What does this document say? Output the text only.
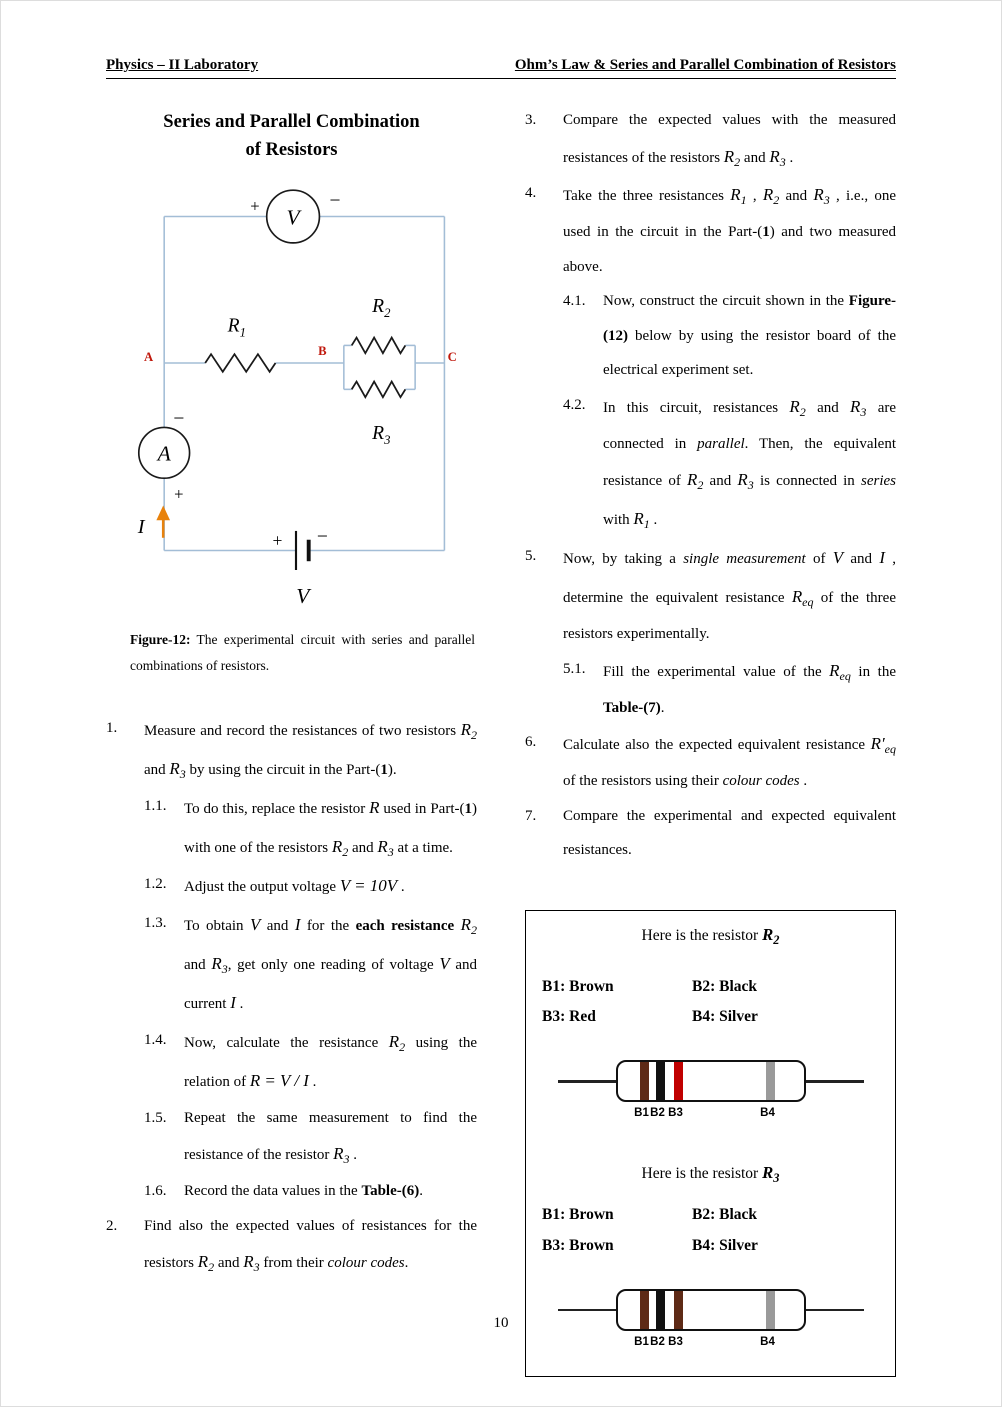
Physics – II Laboratory	Ohm’s Law & Series and Parallel Combination of Resistors
Series and Parallel Combination
of Resistors
V
+	−
A
−
+
A	B	C
$R_1$
$R_2$
$R_3$
I
+ −
V

Figure-12: The experimental circuit with series and parallel combinations of resistors.

1.	Measure and record the resistances of two resistors $R_2$ and $R_3$ by using the circuit in the Part-(1).
1.1.	To do this, replace the resistor R used in Part-(1) with one of the resistors $R_2$ and $R_3$ at a time.
1.2.	Adjust the output voltage V = 10V .
1.3.	To obtain V and I for the each resistance $R_2$ and $R_3$, get only one reading of voltage V and current I .
1.4.	Now, calculate the resistance $R_2$ using the relation of R = V / I .
1.5.	Repeat the same measurement to find the resistance of the resistor $R_3$ .
1.6.	Record the data values in the Table-(6).
2.	Find also the expected values of resistances for the resistors $R_2$ and $R_3$ from their colour codes.
3.	Compare the expected values with the measured resistances of the resistors $R_2$ and $R_3$ .
4.	Take the three resistances $R_1$ , $R_2$ and $R_3$ , i.e., one used in the circuit in the Part-(1) and two measured above.
4.1.	Now, construct the circuit shown in the Figure-(12) below by using the resistor board of the electrical experiment set.
4.2.	In this circuit, resistances $R_2$ and $R_3$ are connected in parallel. Then, the equivalent resistance of $R_2$ and $R_3$ is connected in series with $R_1$ .
5.	Now, by taking a single measurement of V and I , determine the equivalent resistance $R_{eq}$ of the three resistors experimentally.
5.1.	Fill the experimental value of the $R_{eq}$ in the Table-(7).
6.	Calculate also the expected equivalent resistance $R'_{eq}$ of the resistors using their colour codes .
7.	Compare the experimental and expected equivalent resistances.
Here is the resistor $R_2$
B1: Brown	B2: Black
B3: Red	B4: Silver
B1 B2 B3	B4
Here is the resistor $R_3$
B1: Brown	B2: Black
B3: Brown	B4: Silver
B1 B2 B3	B4
10
